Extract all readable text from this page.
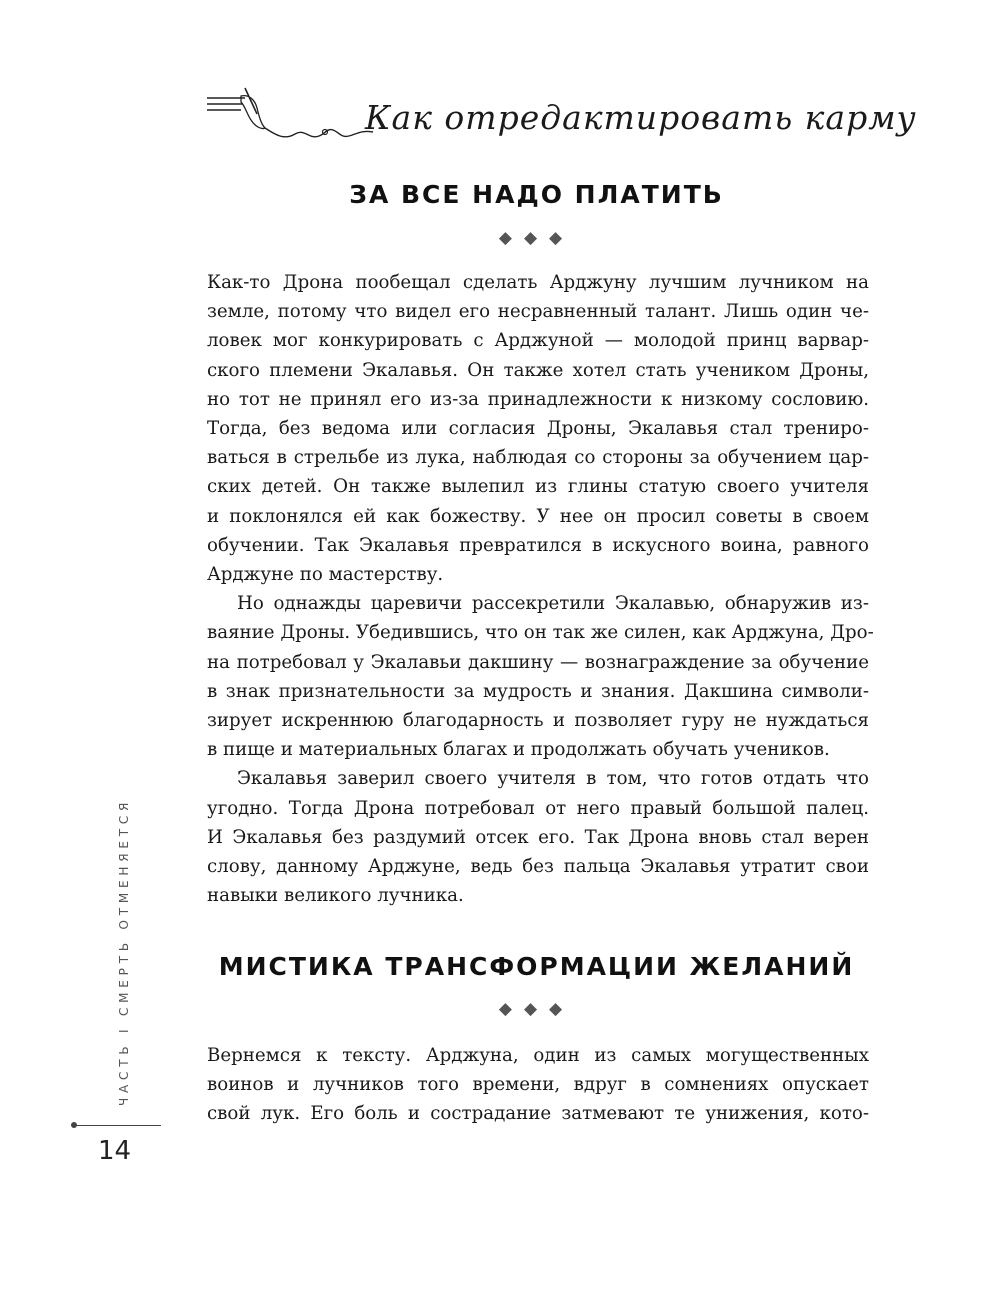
Как отредактировать карму
ЗА ВСЕ НАДО ПЛАТИТЬ
◆◆◆
Как-то Дрона пообещал сделать Арджуну лучшим лучником на
земле, потому что видел его несравненный талант. Лишь один че-
ловек мог конкурировать с Арджуной — молодой принц варвар-
ского племени Экалавья. Он также хотел стать учеником Дроны,
но тот не принял его из-за принадлежности к низкому сословию.
Тогда, без ведома или согласия Дроны, Экалавья стал трениро-
ваться в стрельбе из лука, наблюдая со стороны за обучением цар-
ских детей. Он также вылепил из глины статую своего учителя
и поклонялся ей как божеству. У нее он просил советы в своем
обучении. Так Экалавья превратился в искусного воина, равного
Арджуне по мастерству.
Но однажды царевичи рассекретили Экалавью, обнаружив из-
ваяние Дроны. Убедившись, что он так же силен, как Арджуна, Дро-
на потребовал у Экалавьи дакшину — вознаграждение за обучение
в знак признательности за мудрость и знания. Дакшина символи-
зирует искреннюю благодарность и позволяет гуру не нуждаться
в пище и материальных благах и продолжать обучать учеников.
Экалавья заверил своего учителя в том, что готов отдать что
угодно. Тогда Дрона потребовал от него правый большой палец.
И Экалавья без раздумий отсек его. Так Дрона вновь стал верен
слову, данному Арджуне, ведь без пальца Экалавья утратит свои
навыки великого лучника.
МИСТИКА ТРАНСФОРМАЦИИ ЖЕЛАНИЙ
◆◆◆
Вернемся к тексту. Арджуна, один из самых могущественных
воинов и лучников того времени, вдруг в сомнениях опускает
свой лук. Его боль и сострадание затмевают те унижения, кото-
ЧАСТЬ I СМЕРТЬ ОТМЕНЯЕТСЯ
14
